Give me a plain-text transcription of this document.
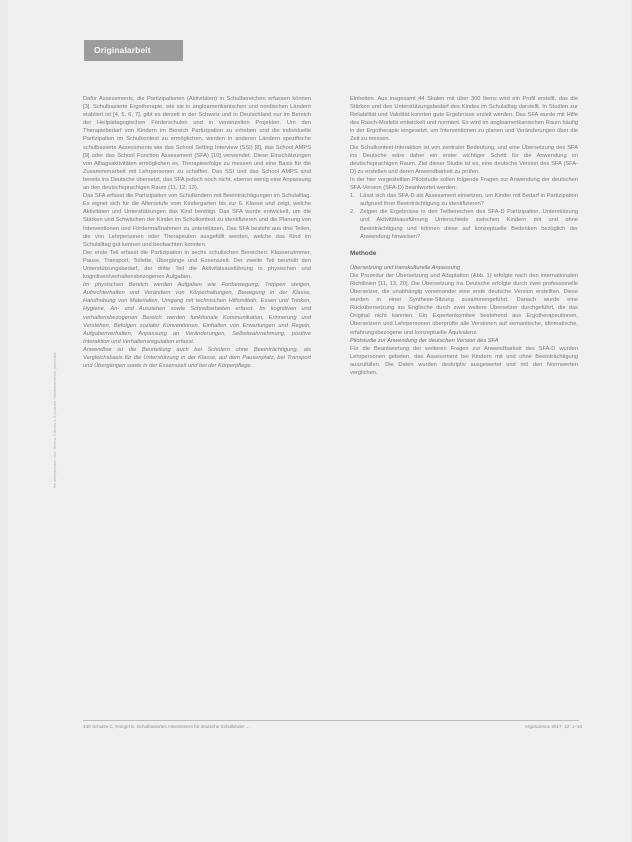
Originalarbeit
Heruntergeladen von: Thieme E-Books & E-Journals. Urheberrechtlich geschützt.

Dafür Assessments, die Partizipationen (Aktivitäten) in Schulbereichen erfassen können [3]. Schulbasierte Ergotherapie, wie sie in angloamerikanischen und nordischen Ländern etabliert ist [4, 5, 6, 7], gibt es derzeit in der Schweiz und in Deutschland nur im Bereich der Heilpädagogischen Förderschulen und in vereinzelten Projekten. Um den Therapiebedarf von Kindern im Bereich Partizipation zu erheben und die individuelle Partizipation im Schulkontext zu ermöglichen, werden in anderen Ländern spezifische schulbasierte Assessments wie das School Setting Interview (SSI) [8], das School AMPS [9] oder das School Function Assessment (SFA) [10] verwendet. Diese Einschätzungen von Alltagsaktivitäten ermöglichen es, Therapieerfolge zu messen und eine Basis für die Zusammenarbeit mit Lehrpersonen zu schaffen. Das SSI und das School AMPS sind bereits ins Deutsche übersetzt, das SFA jedoch noch nicht, ebenso wenig eine Anpassung an den deutschsprachigen Raum (11, 12, 13).

Das SFA erfasst die Partizipation von Schulkindern mit Beeinträchtigungen im Schulalltag. Es eignet sich für die Altersstufe vom Kindergarten bis zur 6. Klasse und zeigt, welche Aktivitäten und Unterstützungen das Kind benötigt. Das SFA wurde entwickelt, um die Stärken und Schwächen der Kinder im Schulkontext zu identifizieren und die Planung von Interventionen und Fördermaßnahmen zu unterstützen. Das SFA besteht aus drei Teilen, die von Lehrpersonen oder Therapeuten ausgefüllt werden, welche das Kind im Schulalltag gut kennen und beobachten konnten.

Der erste Teil erfasst die Partizipation in sechs schulischen Bereichen: Klassenzimmer, Pause, Transport, Toilette, Übergänge und Essenszeit. Der zweite Teil beurteilt den Unterstützungsbedarf, der dritte Teil die Aktivitätsausführung in physischen und kognitiven/verhaltensbezogenen Aufgaben.

Im physischen Bereich werden Aufgaben wie Fortbewegung, Treppen steigen, Aufrechterhalten und Verändern von Körperhaltungen, Bewegung in der Klasse, Handhabung von Materialien, Umgang mit technischen Hilfsmitteln, Essen und Trinken, Hygiene, An- und Ausziehen sowie Schreibarbeiten erfasst. Im kognitiven und verhaltensbezogenen Bereich werden funktionale Kommunikation, Erinnerung und Verstehen, Befolgen sozialer Konventionen, Einhalten von Erwartungen und Regeln, Aufgabenverhalten, Anpassung an Veränderungen, Selbstwahrnehmung, positive Interaktion und Verhaltensregulation erfasst.

Anwendbar ist die Beurteilung auch bei Schülern ohne Beeinträchtigung, als Vergleichsbasis für die Unterstützung in der Klasse, auf dem Pausenplatz, bei Transport und Übergängen sowie in der Essenszeit und bei der Körperpflege.

Einheiten. Aus insgesamt 44 Skalen mit über 300 Items wird ein Profil erstellt, das die Stärken und den Unterstützungsbedarf des Kindes im Schulalltag darstellt. In Studien zur Reliabilität und Validität konnten gute Ergebnisse erzielt werden. Das SFA wurde mit Hilfe des Rasch-Modells entwickelt und normiert. Es wird im angloamerikanischen Raum häufig in der Ergotherapie eingesetzt, um Interventionen zu planen und Veränderungen über die Zeit zu messen.

Die Schulkontext-Interaktion ist von zentraler Bedeutung, und eine Übersetzung des SFA ins Deutsche wäre daher ein erster wichtiger Schritt für die Anwendung im deutschsprachigen Raum. Ziel dieser Studie ist es, eine deutsche Version des SFA (SFA-D) zu erstellen und deren Anwendbarkeit zu prüfen.

In der hier vorgestellten Pilotstudie sollen folgende Fragen zur Anwendung der deutschen SFA-Version (SFA-D) beantwortet werden:

1. Lässt sich das SFA-D als Assessment einsetzen, um Kinder mit Bedarf in Partizipation aufgrund ihrer Beeinträchtigung zu identifizieren?
2. Zeigen die Ergebnisse in den Teilbereichen des SFA-D Partizipation, Unterstützung und Aktivitätsausführung Unterschiede zwischen Kindern mit und ohne Beeinträchtigung und können diese auf konzeptuelle Bedenken bezüglich der Anwendung hinweisen?
Methode

Übersetzung und transkulturelle Anpassung

Die Prozedur der Übersetzung und Adaptation (Abb. 1) erfolgte nach den internationalen Richtlinien [11, 13, 20]. Die Übersetzung ins Deutsche erfolgte durch zwei professionelle Übersetzer, die unabhängig voneinander eine erste deutsche Version erstellten. Diese wurden in einer Synthese-Sitzung zusammengeführt. Danach wurde eine Rückübersetzung ins Englische durch zwei weitere Übersetzer durchgeführt, die das Original nicht kannten. Ein Expertenkomitee bestehend aus Ergotherapeutinnen, Übersetzern und Lehrpersonen überprüfte alle Versionen auf semantische, idiomatische, erfahrungsbezogene und konzeptuelle Äquivalenz.

Pilotstudie zur Anwendung der deutschen Version des SFA

Für die Beantwortung der weiteren Fragen zur Anwendbarkeit des SFA-D wurden Lehrpersonen gebeten, das Assessment bei Kindern mit und ohne Beeinträchtigung auszufüllen. Die Daten wurden deskriptiv ausgewertet und mit den Normwerten verglichen.

440 Schulze C, Kriegel B. Schulbasiertes Assessment für deutsche Schulkinder ...	ergoscience 2017; 12: 1–10
